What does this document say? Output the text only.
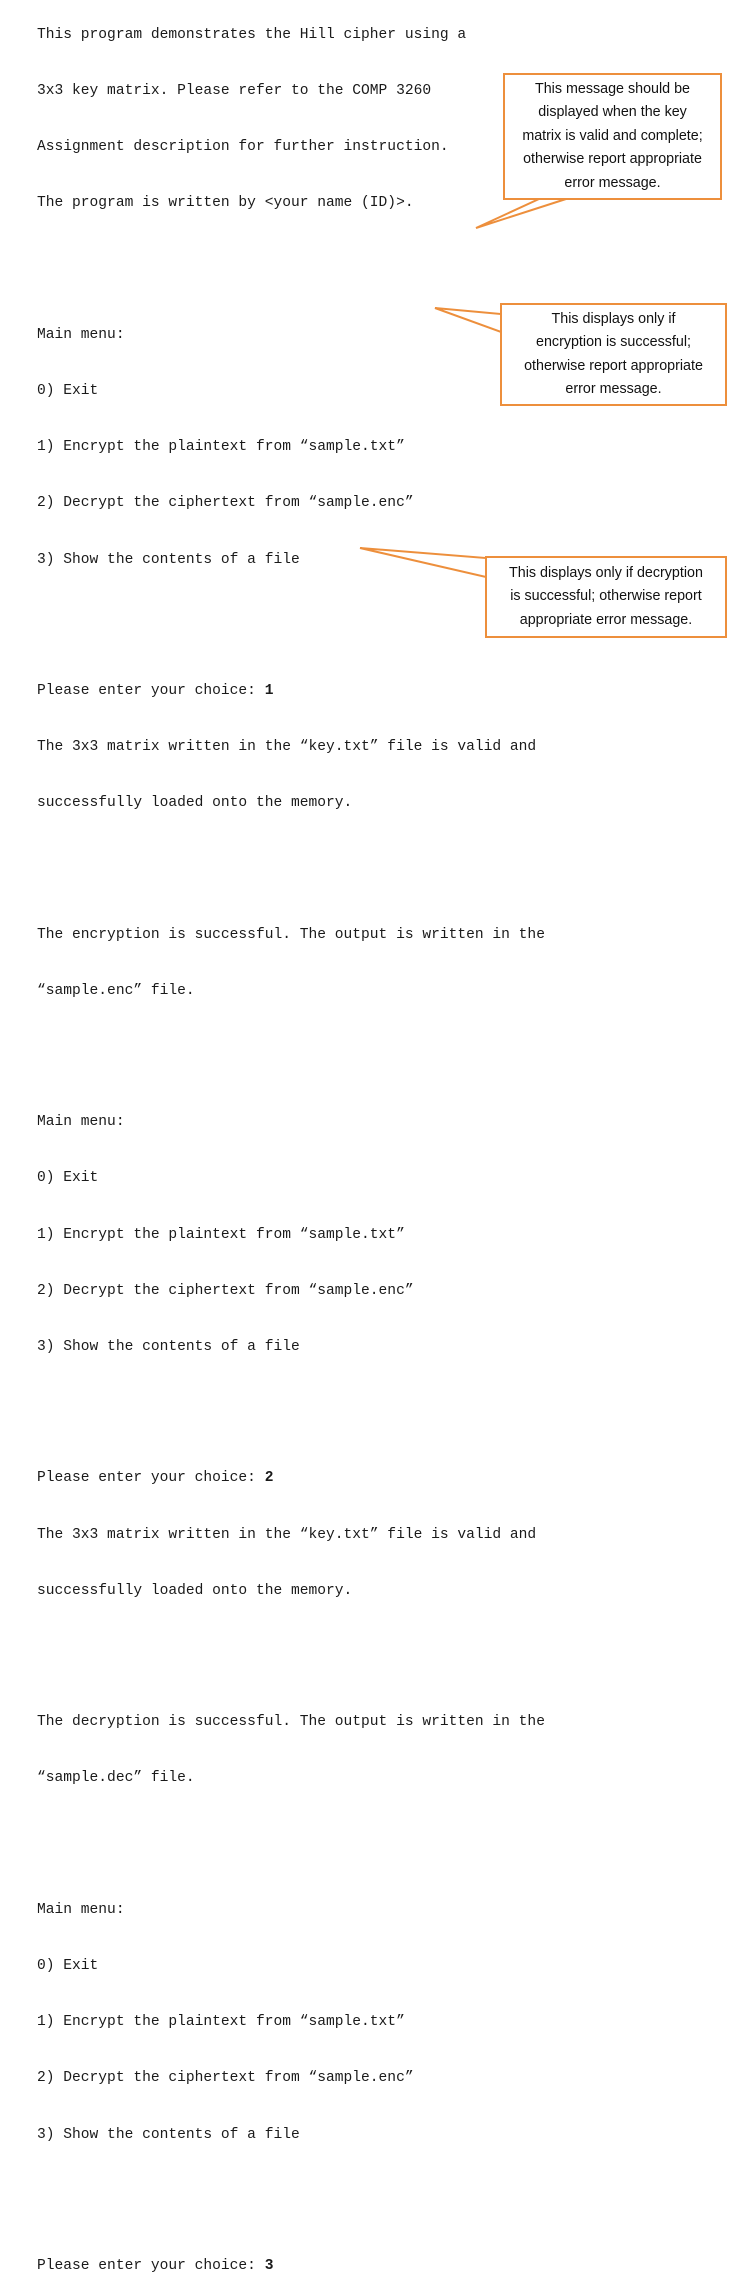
This program demonstrates the Hill cipher using a

3x3 key matrix. Please refer to the COMP 3260

Assignment description for further instruction.

The program is written by <your name (ID)>.

Main menu:

0) Exit

1) Encrypt the plaintext from “sample.txt”

2) Decrypt the ciphertext from “sample.enc”

3) Show the contents of a file

Please enter your choice: 1

The 3x3 matrix written in the “key.txt” file is valid and

successfully loaded onto the memory.

The encryption is successful. The output is written in the

“sample.enc” file.

Main menu:

0) Exit

1) Encrypt the plaintext from “sample.txt”

2) Decrypt the ciphertext from “sample.enc”

3) Show the contents of a file

Please enter your choice: 2

The 3x3 matrix written in the “key.txt” file is valid and

successfully loaded onto the memory.

The decryption is successful. The output is written in the

“sample.dec” file.

Main menu:

0) Exit

1) Encrypt the plaintext from “sample.txt”

2) Decrypt the ciphertext from “sample.enc”

3) Show the contents of a file

Please enter your choice: 3

This message should be
displayed when the key
matrix is valid and complete;
otherwise report appropriate
error message.
This displays only if
encryption is successful;
otherwise report appropriate
error message.
This displays only if decryption
is successful; otherwise report
appropriate error message.
